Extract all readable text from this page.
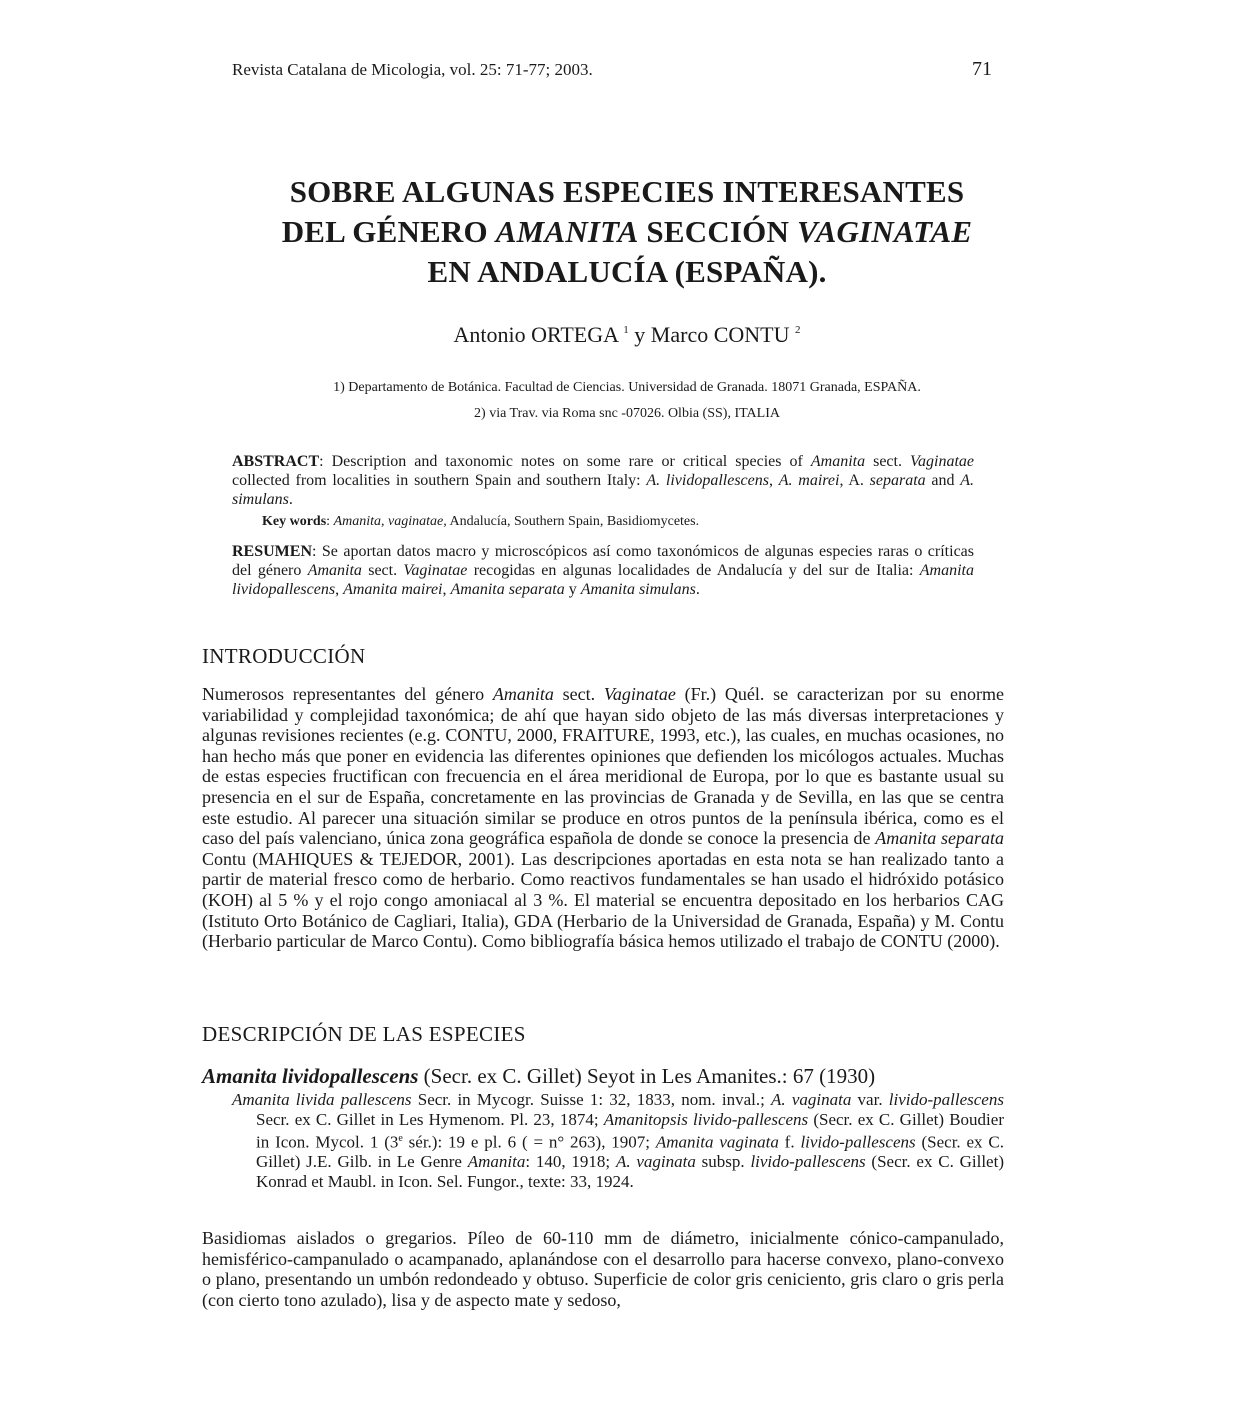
Revista Catalana de Micologia, vol. 25: 71-77; 2003.	71
SOBRE ALGUNAS ESPECIES INTERESANTES
DEL GÉNERO AMANITA SECCIÓN VAGINATAE
EN ANDALUCÍA (ESPAÑA).
Antonio ORTEGA $^1$ y Marco CONTU $^2$
1) Departamento de Botánica. Facultad de Ciencias. Universidad de Granada. 18071 Granada, ESPAÑA.
2) via Trav. via Roma snc -07026. Olbia (SS), ITALIA
ABSTRACT: Description and taxonomic notes on some rare or critical species of Amanita sect. Vaginatae collected from localities in southern Spain and southern Italy: A. lividopallescens, A. mairei, A. separata and A. simulans.
Key words: Amanita, vaginatae, Andalucía, Southern Spain, Basidiomycetes.
RESUMEN: Se aportan datos macro y microscópicos así como taxonómicos de algunas especies raras o críticas del género Amanita sect. Vaginatae recogidas en algunas localidades de Andalucía y del sur de Italia: Amanita lividopallescens, Amanita mairei, Amanita separata y Amanita simulans.
INTRODUCCIÓN
Numerosos representantes del género Amanita sect. Vaginatae (Fr.) Quél. se caracterizan por su enorme variabilidad y complejidad taxonómica; de ahí que hayan sido objeto de las más diversas interpretaciones y algunas revisiones recientes (e.g. CONTU, 2000, FRAITURE, 1993, etc.), las cuales, en muchas ocasiones, no han hecho más que poner en evidencia las diferentes opiniones que defienden los micólogos actuales. Muchas de estas especies fructifican con frecuencia en el área meridional de Europa, por lo que es bastante usual su presencia en el sur de España, concretamente en las provincias de Granada y de Sevilla, en las que se centra este estudio. Al parecer una situación similar se produce en otros puntos de la península ibérica, como es el caso del país valenciano, única zona geográfica española de donde se conoce la presencia de Amanita separata Contu (MAHIQUES & TEJEDOR, 2001). Las descripciones aportadas en esta nota se han realizado tanto a partir de material fresco como de herbario. Como reactivos fundamentales se han usado el hidróxido potásico (KOH) al 5 % y el rojo congo amoniacal al 3 %. El material se encuentra depositado en los herbarios CAG (Istituto Orto Botánico de Cagliari, Italia), GDA (Herbario de la Universidad de Granada, España) y M. Contu (Herbario particular de Marco Contu). Como bibliografía básica hemos utilizado el trabajo de CONTU (2000).
DESCRIPCIÓN DE LAS ESPECIES
Amanita lividopallescens (Secr. ex C. Gillet) Seyot in Les Amanites.: 67 (1930)
Amanita livida pallescens Secr. in Mycogr. Suisse 1: 32, 1833, nom. inval.; A. vaginata var. livido-pallescens Secr. ex C. Gillet in Les Hymenom. Pl. 23, 1874; Amanitopsis livido-pallescens (Secr. ex C. Gillet) Boudier in Icon. Mycol. 1 (3e sér.): 19 e pl. 6 ( = n° 263), 1907; Amanita vaginata f. livido-pallescens (Secr. ex C. Gillet) J.E. Gilb. in Le Genre Amanita: 140, 1918; A. vaginata subsp. livido-pallescens (Secr. ex C. Gillet) Konrad et Maubl. in Icon. Sel. Fungor., texte: 33, 1924.
Basidiomas aislados o gregarios. Píleo de 60-110 mm de diámetro, inicialmente cónico-campanulado, hemisférico-campanulado o acampanado, aplanándose con el desarrollo para hacerse convexo, plano-convexo o plano, presentando un umbón redondeado y obtuso. Superficie de color gris ceniciento, gris claro o gris perla (con cierto tono azulado), lisa y de aspecto mate y sedoso,
